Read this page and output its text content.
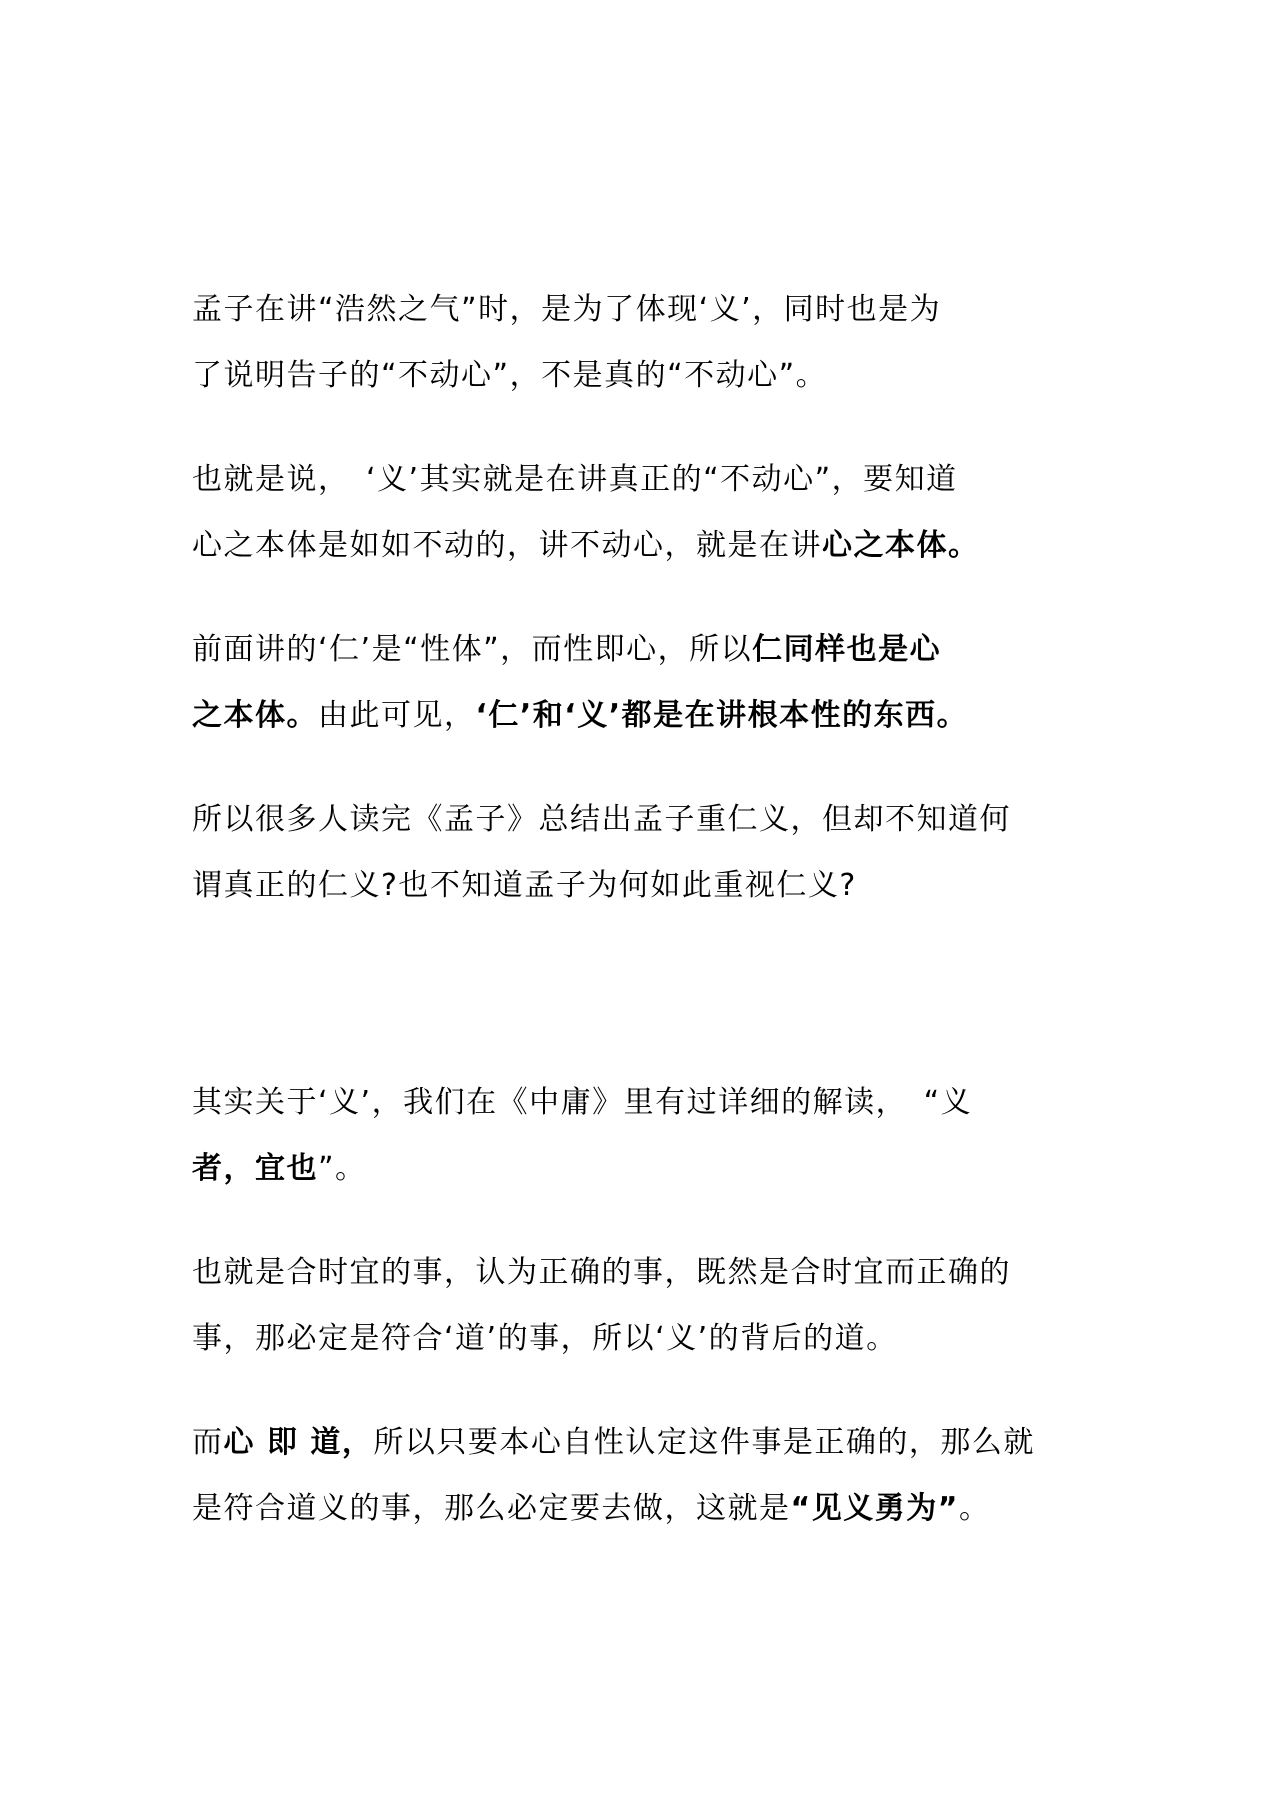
孟子在讲“浩然之气”时，是为了体现‘义’，同时也是为
了说明告子的“不动心”，不是真的“不动心”。

也就是说，　‘义’其实就是在讲真正的“不动心”，要知道
心之本体是如如不动的，讲不动心，就是在讲心之本体。

前面讲的‘仁’是“性体”，而性即心，所以仁同样也是心
之本体。由此可见，‘仁’和‘义’都是在讲根本性的东西。

所以很多人读完《孟子》总结出孟子重仁义，但却不知道何
谓真正的仁义?也不知道孟子为何如此重视仁义?

其实关于‘义’，我们在《中庸》里有过详细的解读，　“义
者，宜也”。

也就是合时宜的事，认为正确的事，既然是合时宜而正确的
事，那必定是符合‘道’的事，所以‘义’的背后的道。

而心 即 道，所以只要本心自性认定这件事是正确的，那么就
是符合道义的事，那么必定要去做，这就是“见义勇为”。
